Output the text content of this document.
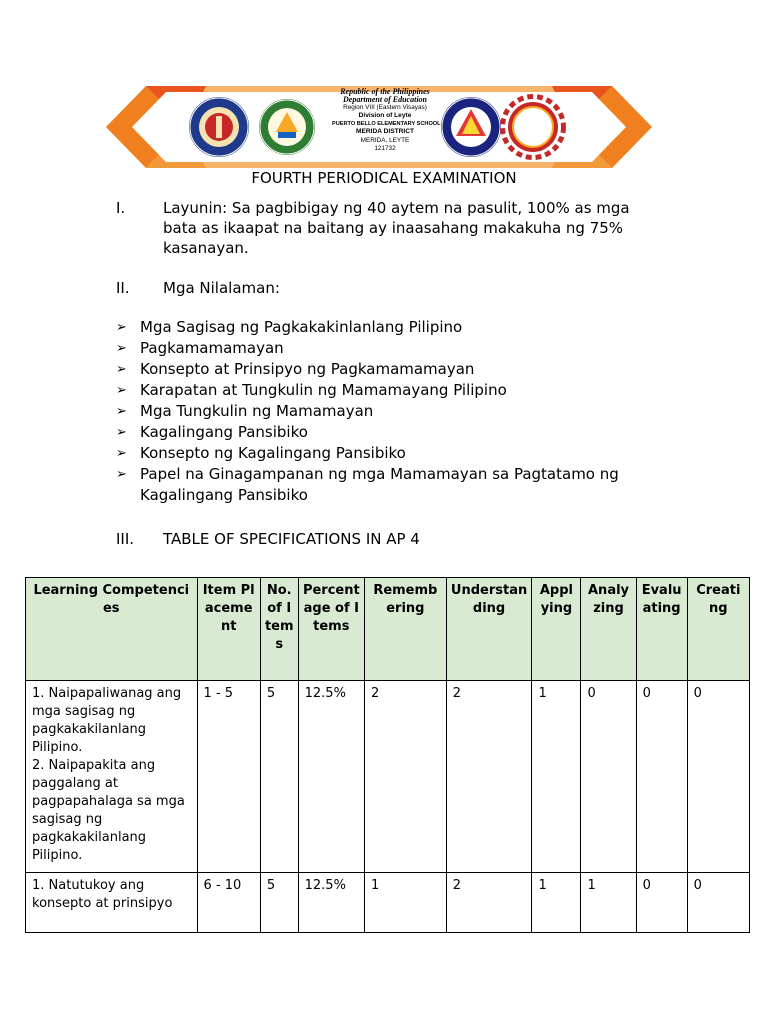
Republic of the Philippines
Department of Education
Region VIII (Eastern Visayas)
Division of Leyte
PUERTO BELLO ELEMENTARY SCHOOL
MERIDA DISTRICT
MERIDA, LEYTE
121732
FOURTH PERIODICAL EXAMINATION
I.	Layunin: Sa pagbibigay ng 40 aytem na pasulit, 100% as mga bata as ikaapat na baitang ay inaasahang makakuha ng 75% kasanayan.
II. Mga Nilalaman:
➢ Mga Sagisag ng Pagkakakinlanlang Pilipino
➢ Pagkamamamayan
➢ Konsepto at Prinsipyo ng Pagkamamamayan
➢ Karapatan at Tungkulin ng Mamamayang Pilipino
➢ Mga Tungkulin ng Mamamayan
➢ Kagalingang Pansibiko
➢ Konsepto ng Kagalingang Pansibiko
➢ Papel na Ginagampanan ng mga Mamamayan sa Pagtatamo ng Kagalingang Pansibiko
III. TABLE OF SPECIFICATIONS IN AP 4
Learning Competencies	Item Placement	No. of Items	Percentage of Items	Remembering	Understanding	Applying	Analyzing	Evaluating	Creating

1. Naipapaliwanag ang mga sagisag ng pagkakakilanlang Pilipino.
2. Naipapakita ang paggalang at pagpapahalaga sa mga sagisag ng pagkakakilanlang Pilipino.	1 - 5	5	12.5%	2	2	1	0	0	0

1. Natutukoy ang konsepto at prinsipyo	6 - 10	5	12.5%	1	2	1	1	0	0
